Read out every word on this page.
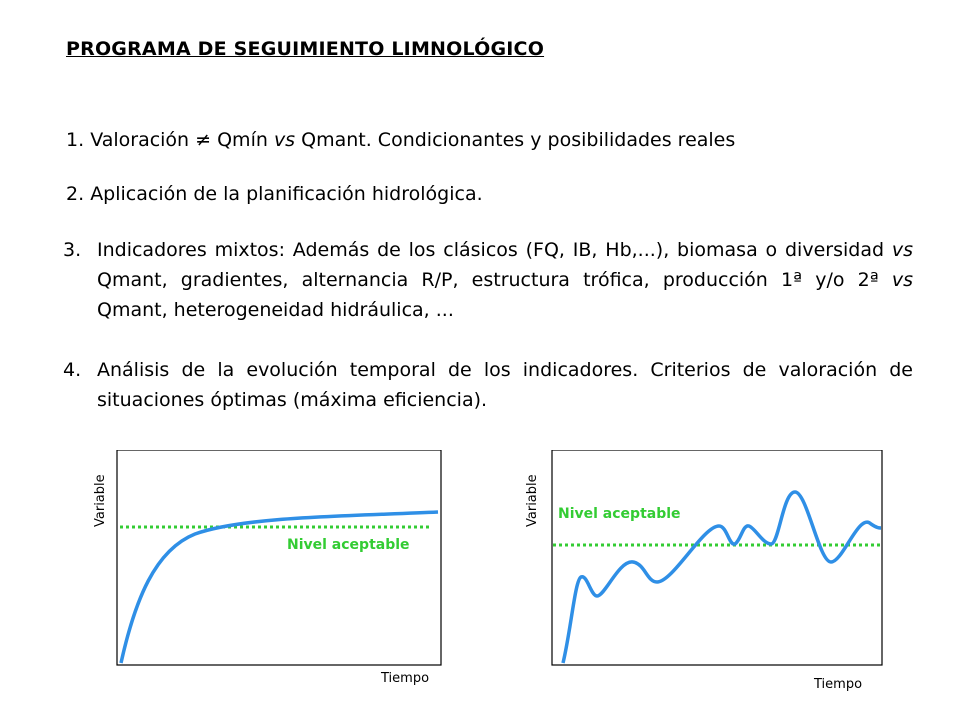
PROGRAMA DE SEGUIMIENTO LIMNOLÓGICO
1. Valoración ≠ Qmín vs Qmant. Condicionantes y posibilidades reales
2. Aplicación de la planificación hidrológica.
3. Indicadores mixtos: Además de los clásicos (FQ, IB, Hb,...), biomasa o diversidad vs Qmant, gradientes, alternancia R/P, estructura trófica, producción 1ª y/o 2ª vs Qmant, heterogeneidad hidráulica, ...
4. Análisis de la evolución temporal de los indicadores. Criterios de valoración de situaciones óptimas (máxima eficiencia).
Nivel aceptable
Variable
Tiempo
Nivel aceptable
Variable
Tiempo
